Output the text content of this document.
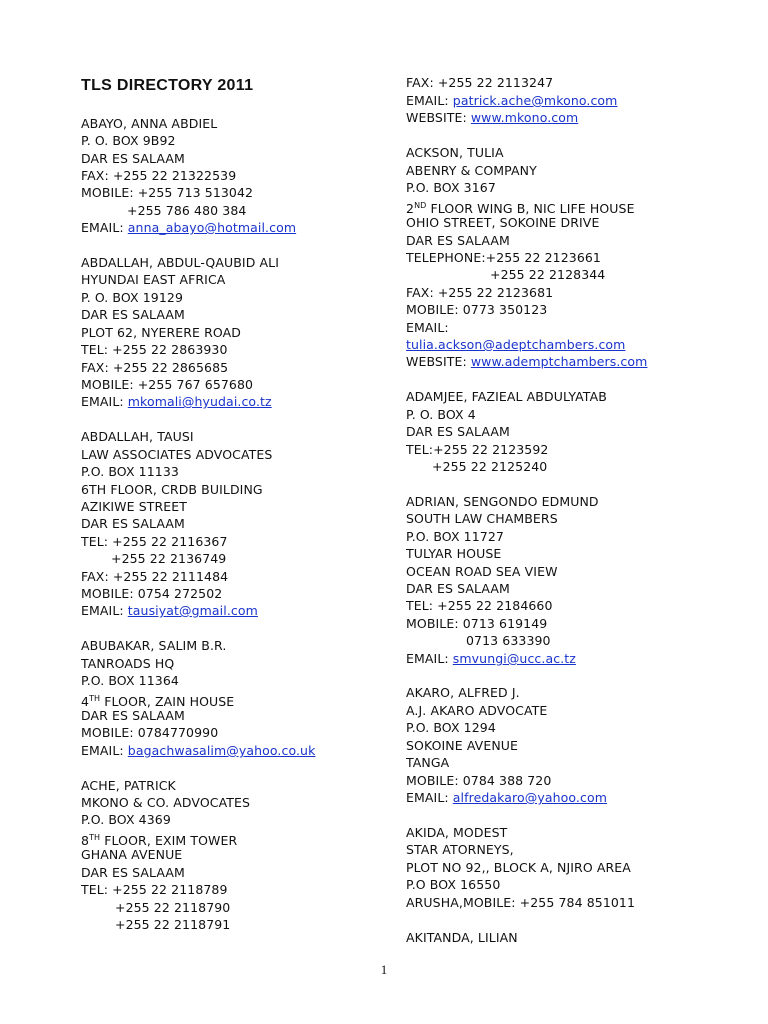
TLS DIRECTORY 2011
ABAYO, ANNA ABDIEL
P. O. BOX 9B92
DAR ES SALAAM
FAX: +255 22 21322539
MOBILE: +255 713 513042
+255 786 480 384
EMAIL: anna_abayo@hotmail.com
ABDALLAH, ABDUL-QAUBID ALI
HYUNDAI EAST AFRICA
P. O. BOX 19129
DAR ES SALAAM
PLOT 62, NYERERE ROAD
TEL: +255 22 2863930
FAX: +255 22 2865685
MOBILE: +255 767 657680
EMAIL: mkomali@hyudai.co.tz
ABDALLAH, TAUSI
LAW ASSOCIATES ADVOCATES
P.O. BOX 11133
6TH FLOOR, CRDB BUILDING
AZIKIWE STREET
DAR ES SALAAM
TEL: +255 22 2116367
+255 22 2136749
FAX: +255 22 2111484
MOBILE: 0754 272502
EMAIL: tausiyat@gmail.com
ABUBAKAR, SALIM B.R.
TANROADS HQ
P.O. BOX 11364
4TH FLOOR, ZAIN HOUSE
DAR ES SALAAM
MOBILE: 0784770990
EMAIL: bagachwasalim@yahoo.co.uk
ACHE, PATRICK
MKONO & CO. ADVOCATES
P.O. BOX 4369
8TH FLOOR, EXIM TOWER
GHANA AVENUE
DAR ES SALAAM
TEL: +255 22 2118789
+255 22 2118790
+255 22 2118791
FAX: +255 22 2113247
EMAIL: patrick.ache@mkono.com
WEBSITE: www.mkono.com
ACKSON, TULIA
ABENRY & COMPANY
P.O. BOX 3167
2ND FLOOR WING B, NIC LIFE HOUSE
OHIO STREET, SOKOINE DRIVE
DAR ES SALAAM
TELEPHONE:+255 22 2123661
+255 22 2128344
FAX: +255 22 2123681
MOBILE: 0773 350123
EMAIL:
tulia.ackson@adeptchambers.com
WEBSITE: www.ademptchambers.com
ADAMJEE, FAZIEAL ABDULYATAB
P. O. BOX 4
DAR ES SALAAM
TEL:+255 22 2123592
+255 22 2125240
ADRIAN, SENGONDO EDMUND
SOUTH LAW CHAMBERS
P.O. BOX 11727
TULYAR HOUSE
OCEAN ROAD SEA VIEW
DAR ES SALAAM
TEL: +255 22 2184660
MOBILE: 0713 619149
0713 633390
EMAIL: smvungi@ucc.ac.tz
AKARO, ALFRED J.
A.J. AKARO ADVOCATE
P.O. BOX 1294
SOKOINE AVENUE
TANGA
MOBILE: 0784 388 720
EMAIL: alfredakaro@yahoo.com
AKIDA, MODEST
STAR ATORNEYS,
PLOT NO 92,, BLOCK A, NJIRO AREA
P.O BOX 16550
ARUSHA,MOBILE: +255 784 851011
AKITANDA, LILIAN
1
